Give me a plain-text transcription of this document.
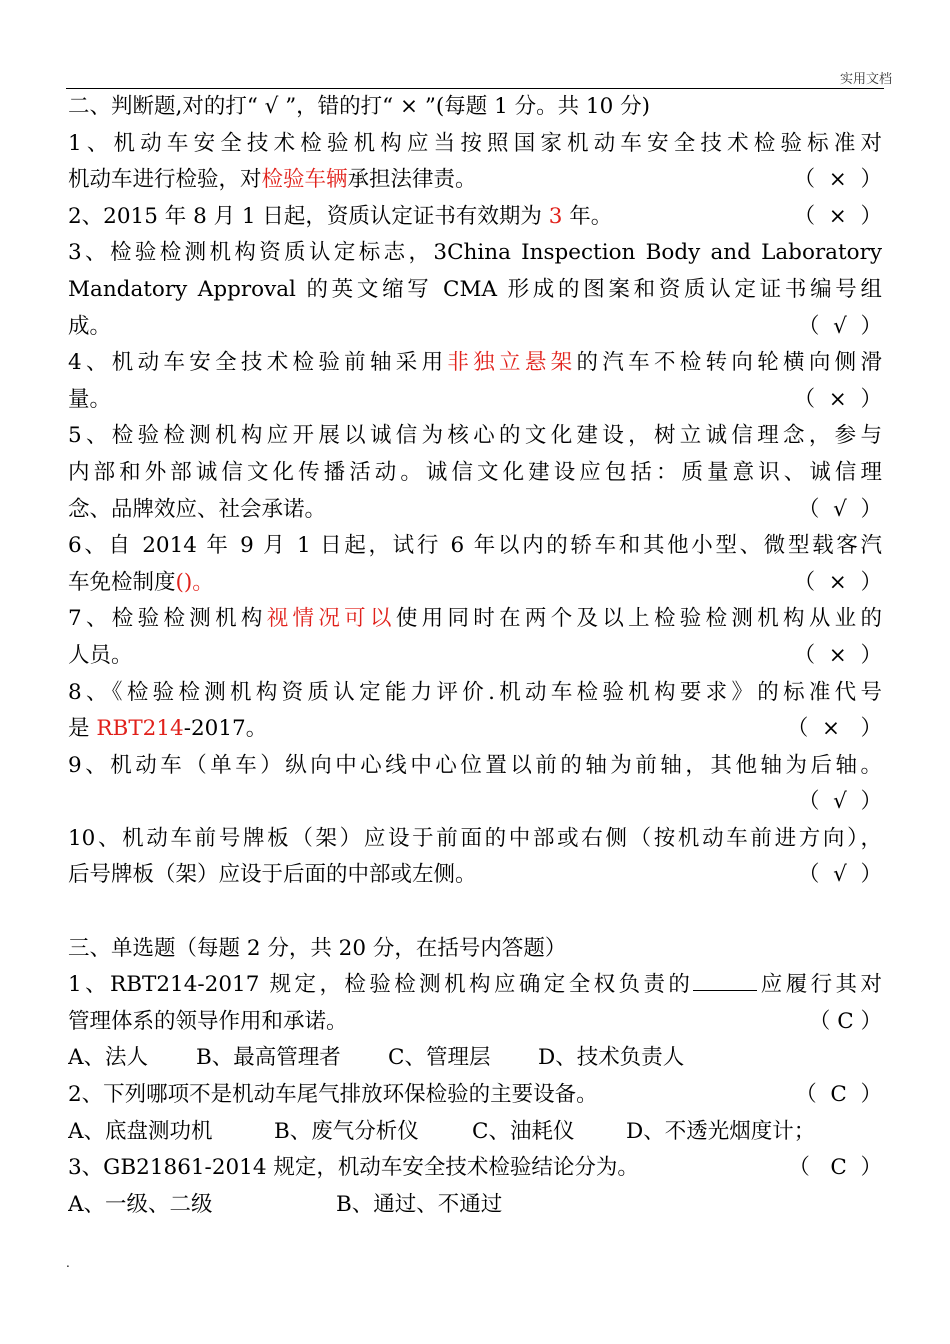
实用文档
二、判断题,对的打“ √ ”，错的打“ × ”(每题 1 分。共 10 分)
1、机动车安全技术检验机构应当按照国家机动车安全技术检验标准对
机动车进行检验，对检验车辆承担法律责。	（  ×  ）
2、2015 年 8 月 1 日起，资质认定证书有效期为 3 年。	（  ×  ）
3、检验检测机构资质认定标志，3China Inspection Body and Laboratory
Mandatory Approval 的英文缩写 CMA 形成的图案和资质认定证书编号组
成。	（  √  ）
4、机动车安全技术检验前轴采用非独立悬架的汽车不检转向轮横向侧滑
量。	（  ×  ）
5、检验检测机构应开展以诚信为核心的文化建设，树立诚信理念，参与
内部和外部诚信文化传播活动。诚信文化建设应包括：质量意识、诚信理
念、品牌效应、社会承诺。	（  √  ）
6、自 2014 年 9 月 1 日起，试行 6 年以内的轿车和其他小型、微型载客汽
车免检制度()。	（  ×  ）
7、检验检测机构视情况可以使用同时在两个及以上检验检测机构从业的
人员。	（  ×  ）
8、《检验检测机构资质认定能力评价.机动车检验机构要求》的标准代号
是 RBT214-2017。	（  ×   ）
9、机动车（单车）纵向中心线中心位置以前的轴为前轴，其他轴为后轴。
（  √  ）
10、机动车前号牌板（架）应设于前面的中部或右侧（按机动车前进方向），
后号牌板（架）应设于后面的中部或左侧。	（  √  ）
三、单选题（每题 2 分，共 20 分，在括号内答题）
1、RBT214-2017 规定，检验检测机构应确定全权负责的	应履行其对
管理体系的领导作用和承诺。	（ C ）
A、法人 B、最高管理者 C、管理层 D、技术负责人
2、下列哪项不是机动车尾气排放环保检验的主要设备。	（  C  ）
A、底盘测功机	B、废气分析仪 C、油耗仪 D、不透光烟度计；
3、GB21861-2014 规定，机动车安全技术检验结论分为。	（   C  ）
A、一级、二级	B、通过、不通过
.
